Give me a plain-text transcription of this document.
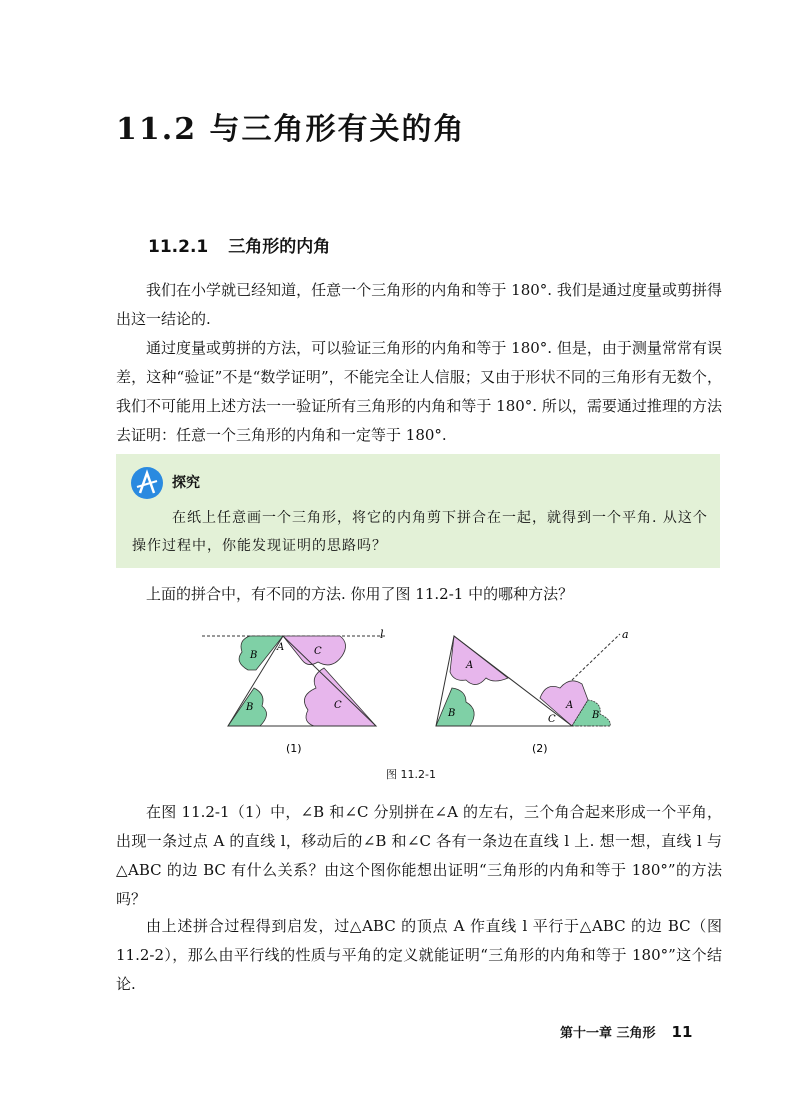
11.2 与三角形有关的角
11.2.1 三角形的内角
我们在小学就已经知道，任意一个三角形的内角和等于 180°. 我们是通过度量或剪拼得出这一结论的.
通过度量或剪拼的方法，可以验证三角形的内角和等于 180°. 但是，由于测量常常有误差，这种“验证”不是“数学证明”，不能完全让人信服；又由于形状不同的三角形有无数个，我们不可能用上述方法一一验证所有三角形的内角和等于 180°. 所以，需要通过推理的方法去证明：任意一个三角形的内角和一定等于 180°.
探究
在纸上任意画一个三角形，将它的内角剪下拼合在一起，就得到一个平角. 从这个操作过程中，你能发现证明的思路吗？
上面的拼合中，有不同的方法. 你用了图 11.2-1 中的哪种方法？
l
A
B	C
B	C
a
A
B
C
A
B
(1)	(2)
图 11.2-1
在图 11.2-1（1）中，∠B 和∠C 分别拼在∠A 的左右，三个角合起来形成一个平角，出现一条过点 A 的直线 l，移动后的∠B 和∠C 各有一条边在直线 l 上. 想一想，直线 l 与△ABC 的边 BC 有什么关系？由这个图你能想出证明“三角形的内角和等于 180°”的方法吗？
由上述拼合过程得到启发，过△ABC 的顶点 A 作直线 l 平行于△ABC 的边 BC（图 11.2-2），那么由平行线的性质与平角的定义就能证明“三角形的内角和等于 180°”这个结论.
第十一章 三角形 11
